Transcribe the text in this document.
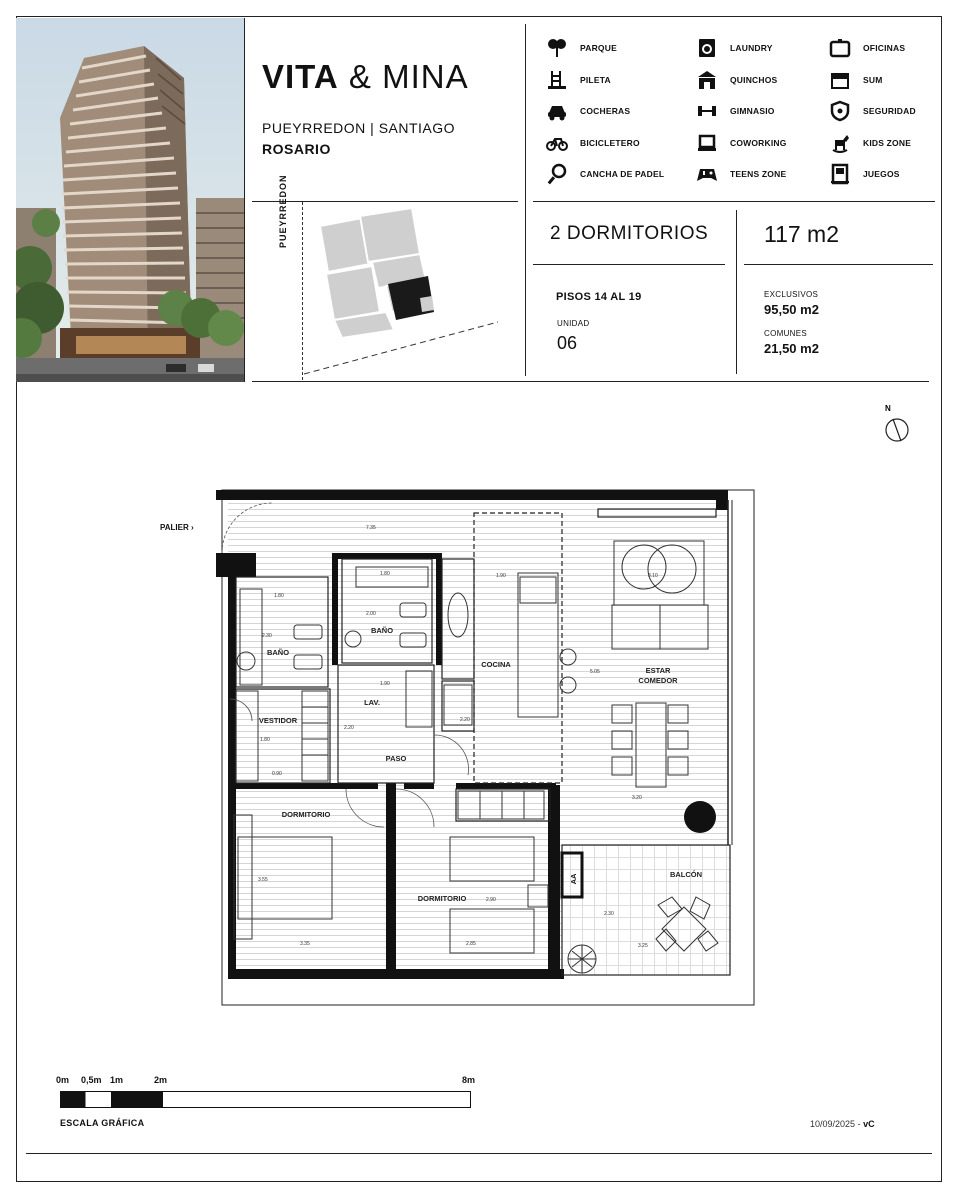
VITA & MINA
PUEYRREDON | SANTIAGO
ROSARIO
PARQUE	LAUNDRY	OFICINAS
PILETA	QUINCHOS	SUM
COCHERAS	GIMNASIO	SEGURIDAD
BICICLETERO	COWORKING	KIDS ZONE
CANCHA DE PADEL	TEENS ZONE	JUEGOS
PUEYRREDON	2 DORMITORIOS 117 m2
PISOS 14 AL 19
UNIDAD
06
EXCLUSIVOS
95,50 m2
COMUNES
21,50 m2
N
PALIER ›
BAÑO
BAÑO
VESTIDOR
LAV.
PASO
COCINA
ESTAR
COMEDOR
DORMITORIO
DORMITORIO
BALCÓN
AA
7.35
1.80
2.30
1.80	1.90
2.00
2.20
1.90
2.20
1.80
0.90
3.10
5.05
3.20
3.55
3.35
2.90
2.85
2.30
3.25
0m 0,5m 1m	2m	8m
ESCALA GRÁFICA	10/09/2025 - vC
